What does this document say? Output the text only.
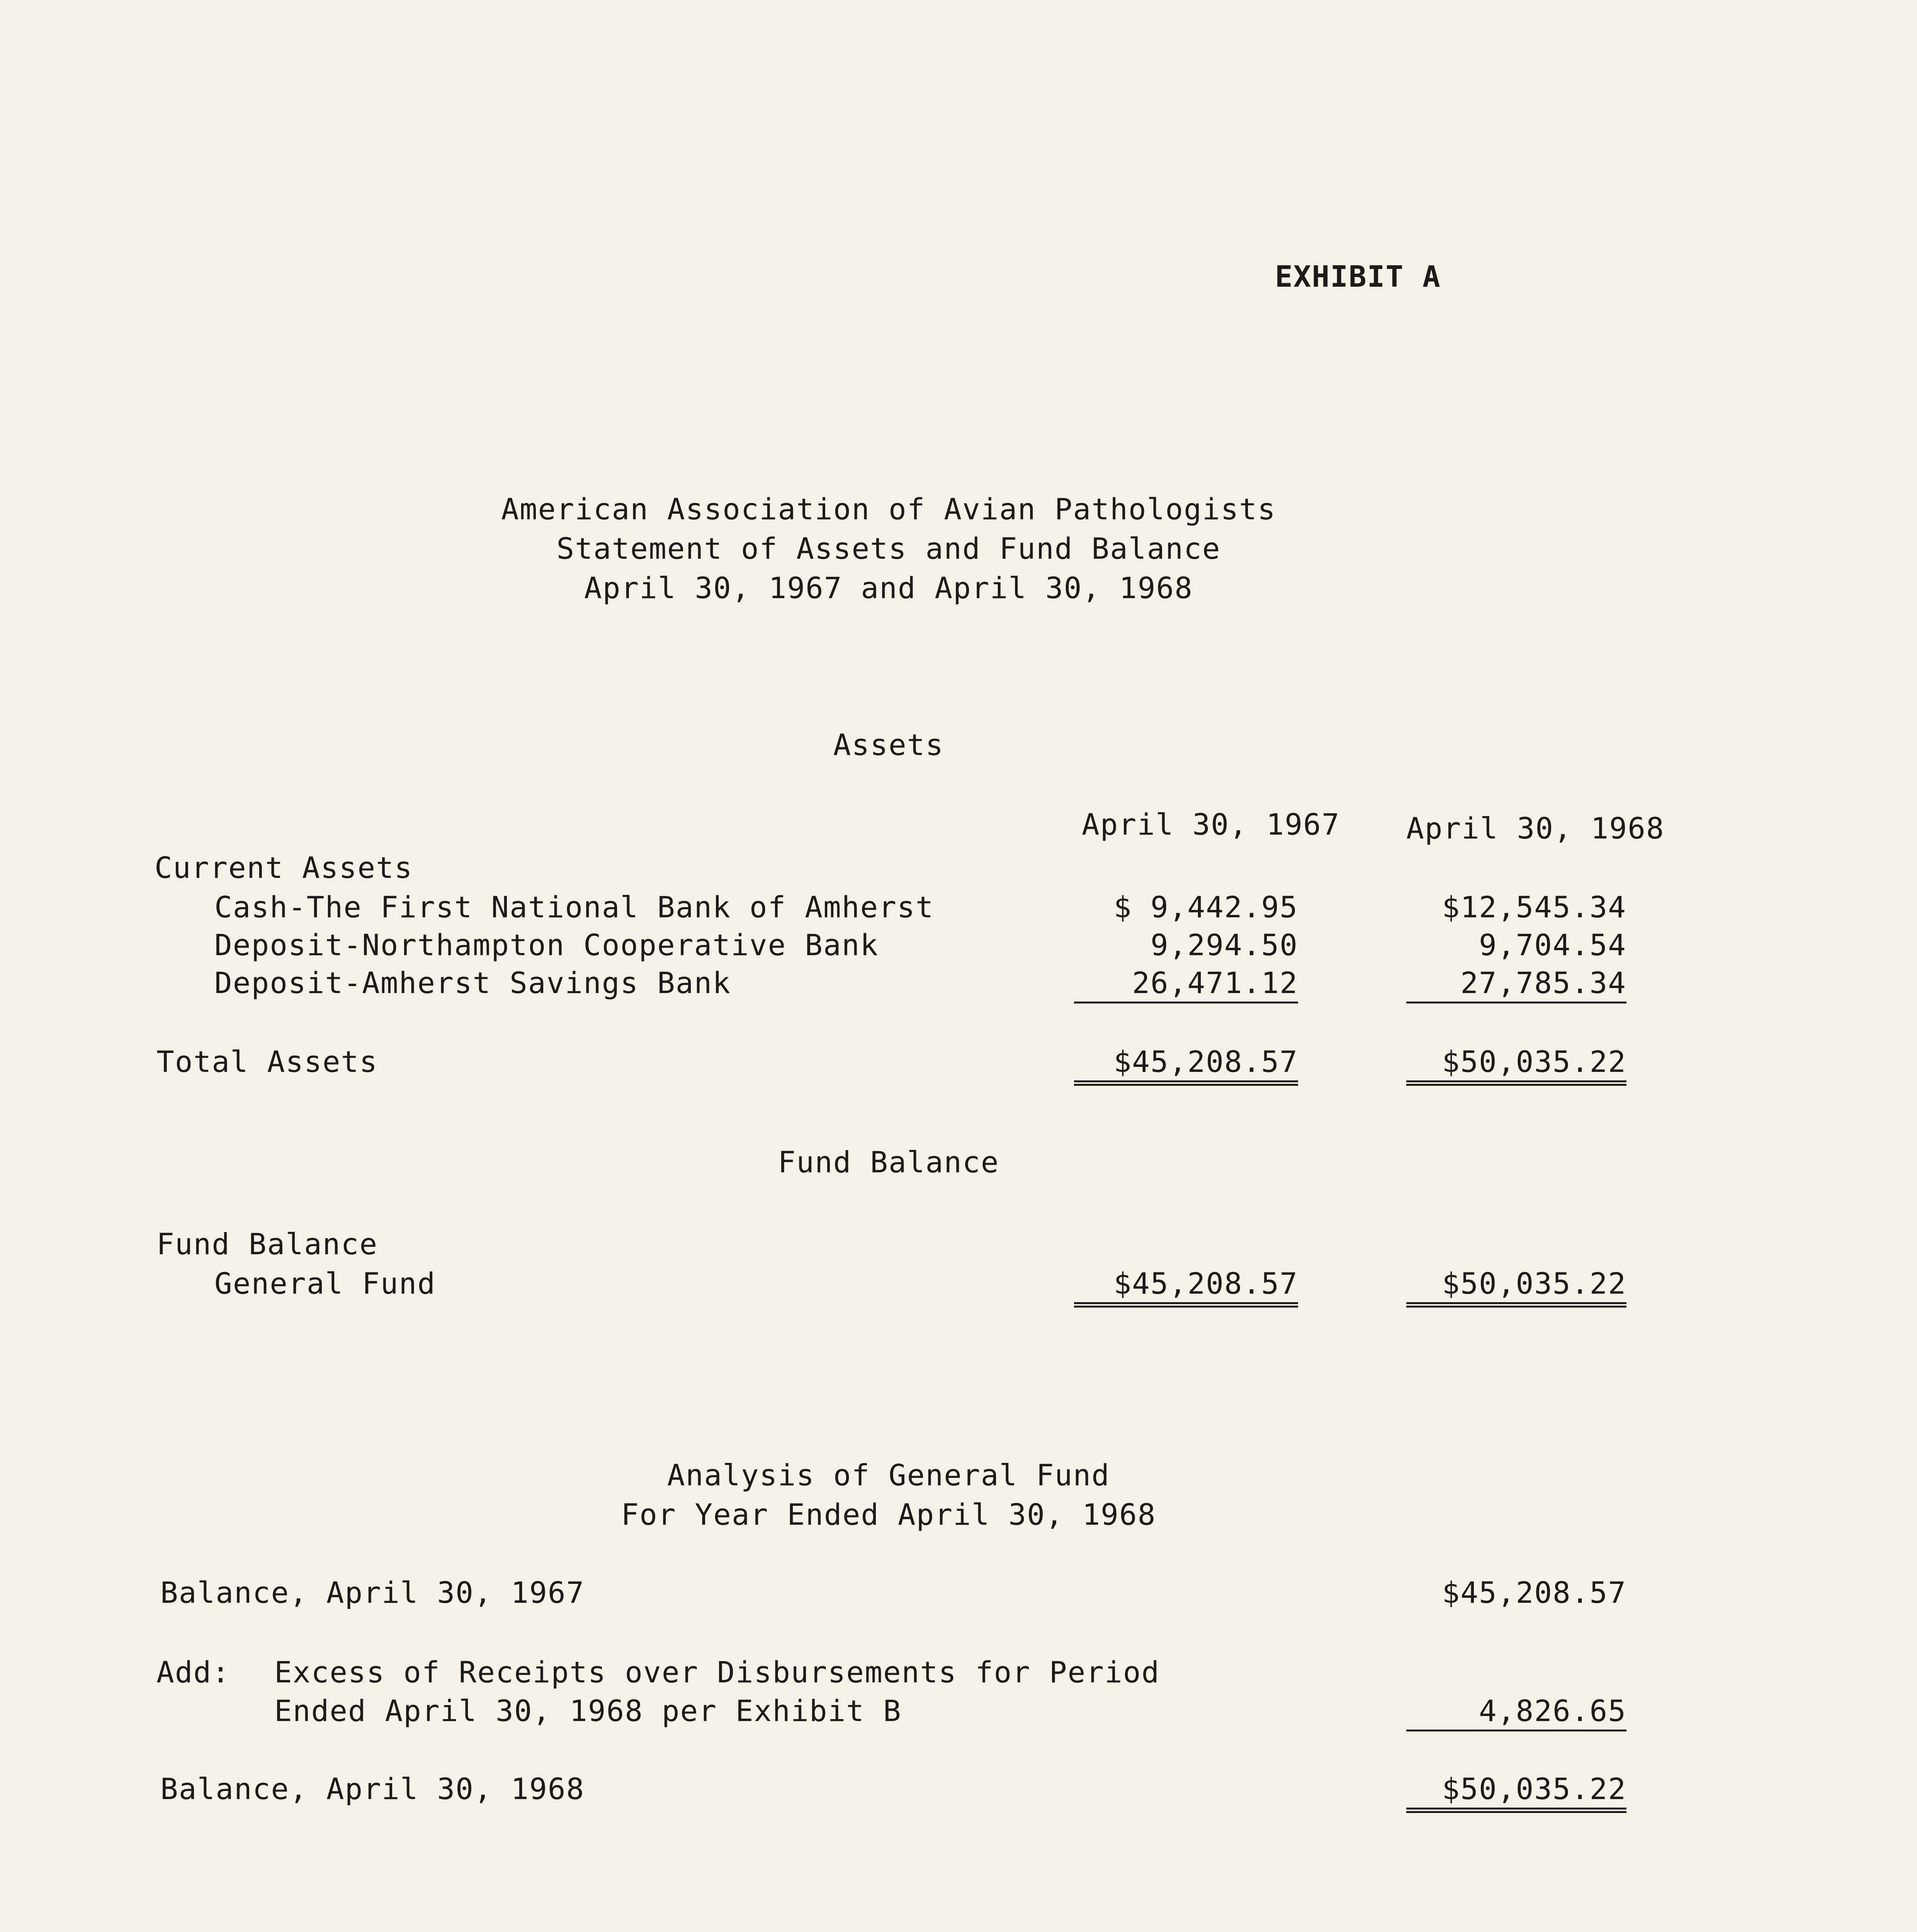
EXHIBIT A
American Association of Avian Pathologists
Statement of Assets and Fund Balance
April 30, 1967 and April 30, 1968
Assets
April 30, 1967 April 30, 1968
Current Assets
Cash-The First National Bank of Amherst	$ 9,442.95	$12,545.34
Deposit-Northampton Cooperative Bank	9,294.50	9,704.54
Deposit-Amherst Savings Bank	26,471.12	27,785.34
Total Assets	$45,208.57	$50,035.22
Fund Balance
Fund Balance
General Fund	$45,208.57	$50,035.22
Analysis of General Fund
For Year Ended April 30, 1968
Balance, April 30, 1967	$45,208.57
Add: Excess of Receipts over Disbursements for Period
Ended April 30, 1968 per Exhibit B	4,826.65
Balance, April 30, 1968	$50,035.22
